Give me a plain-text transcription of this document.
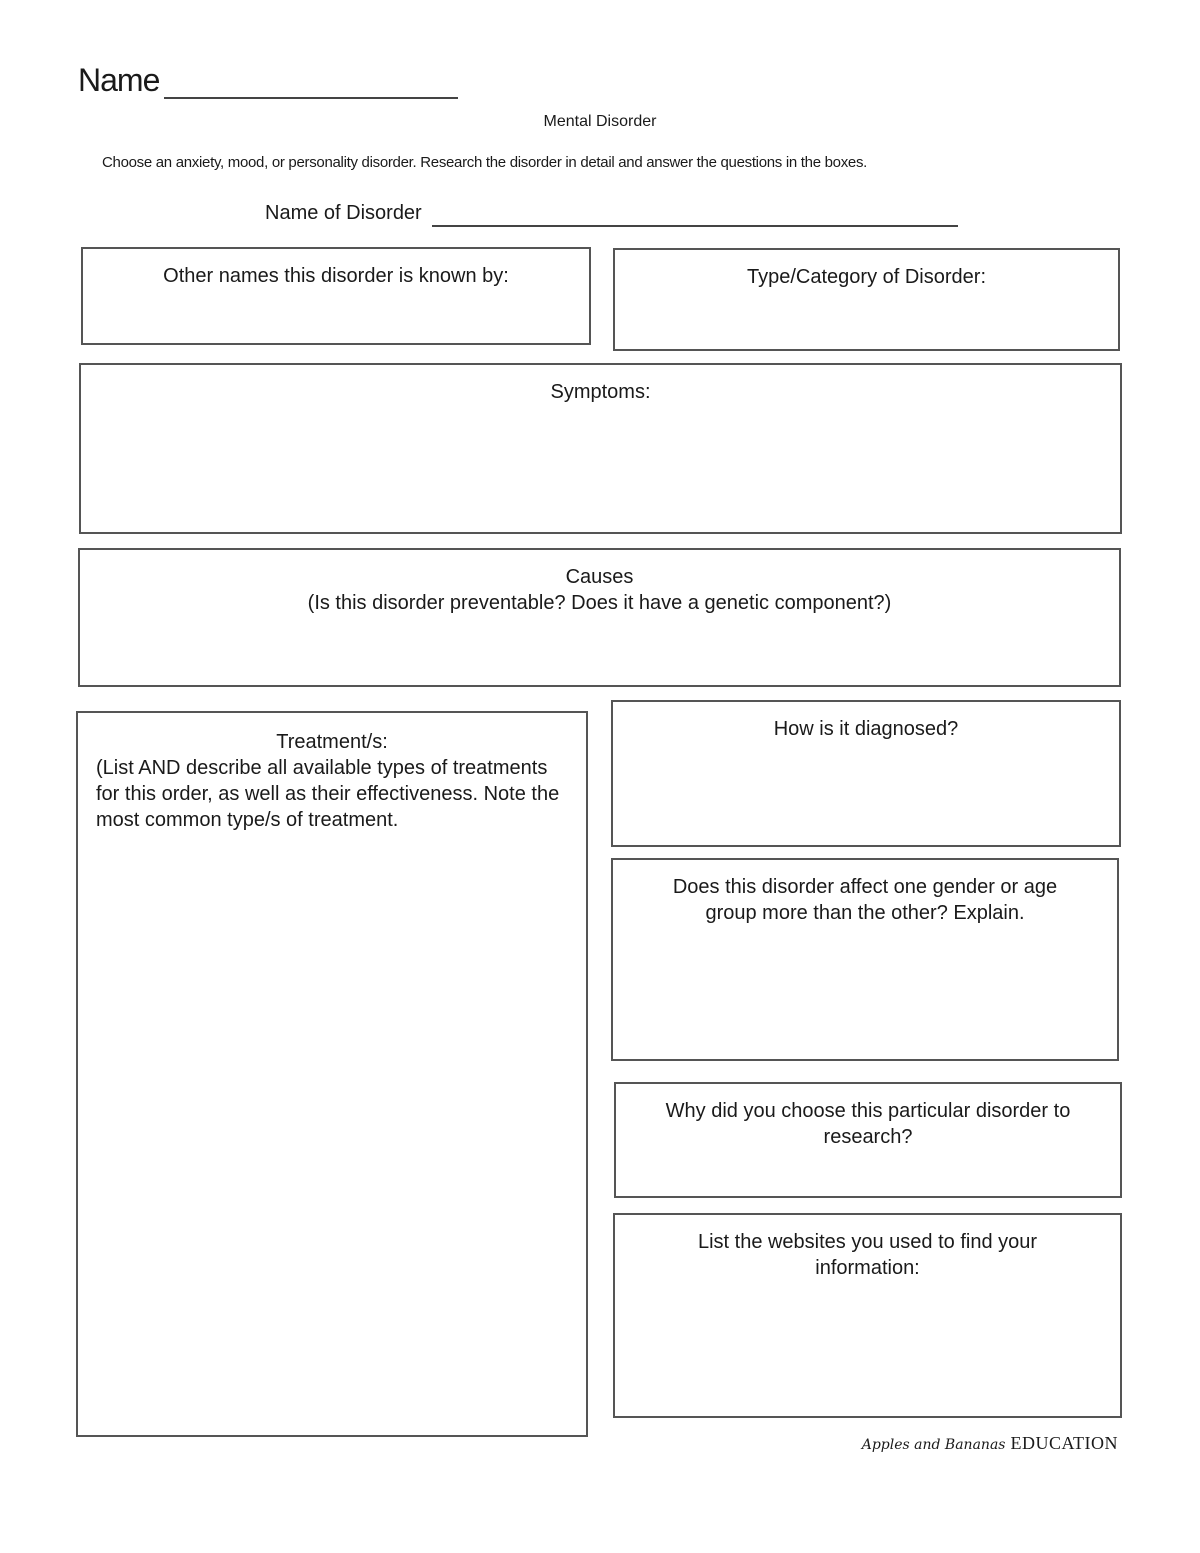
Name
Mental Disorder
Choose an anxiety, mood, or personality disorder. Research the disorder in detail and answer the questions in the boxes.
Name of Disorder
Other names this disorder is known by:	Type/Category of Disorder:
Symptoms:
Causes
(Is this disorder preventable? Does it have a genetic component?)
Treatment/s:
(List AND describe all available types of treatments for this order, as well as their effectiveness. Note the most common type/s of treatment.
How is it diagnosed?
Does this disorder affect one gender or age group more than the other? Explain.
Why did you choose this particular disorder to research?
List the websites you used to find your information:
Apples and Bananas EDUCATION
